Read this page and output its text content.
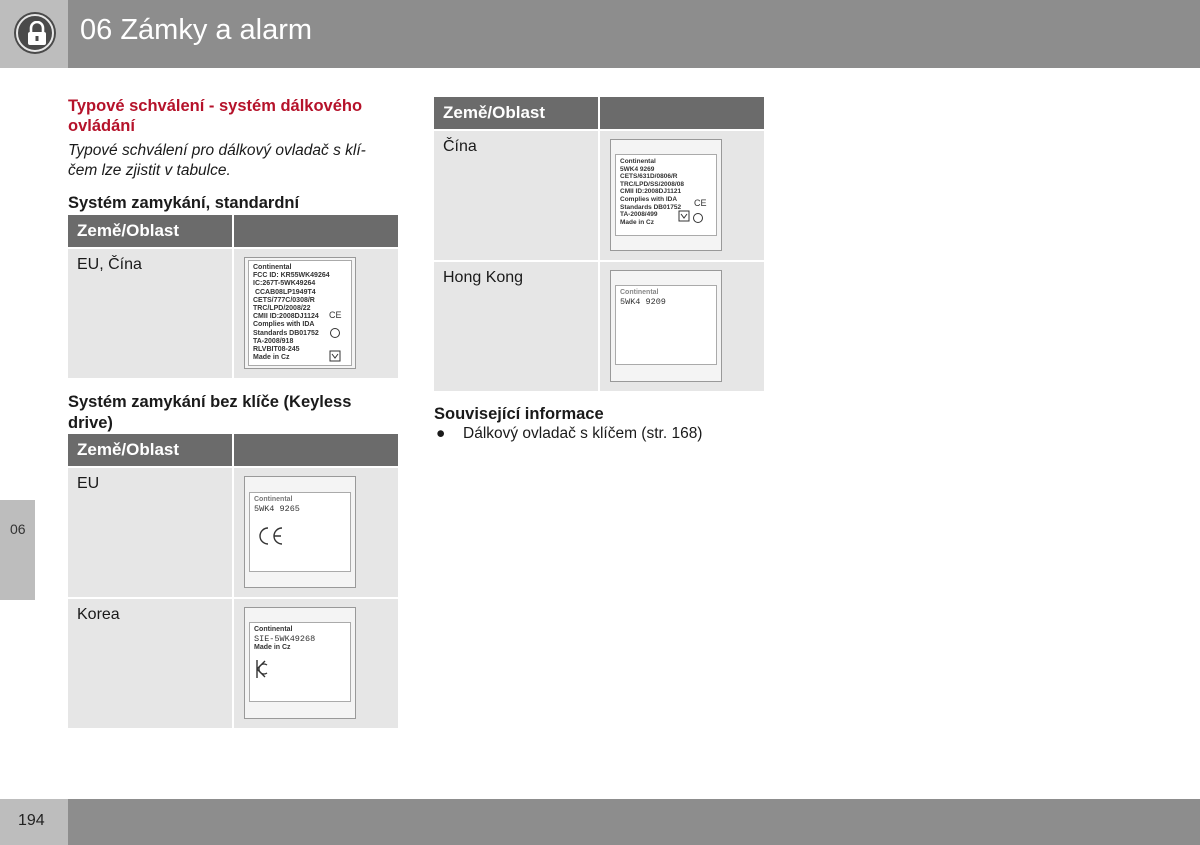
06 Zámky a alarm
06
Typové schválení - systém dálkového ovládání
Typové schválení pro dálkový ovladač s klí-
čem lze zjistit v tabulce.
Systém zamykání, standardní
Země/Oblast
EU, Čína	Continental
FCC ID: KR55WK49264
IC:267T-5WK49264
CCAB08LP1949T4
CETS/777C/0308/R
TRC/LPD/2008/22
CMII ID:2008DJ1124
Complies with IDA
Standards DB01752
TA-2008/918
RLVBIT08-245
Made in Cz
CE
Systém zamykání bez klíče (Keyless drive)
Země/Oblast
EU
Continental
5WK4 9265
Korea
Continental
SIE-5WK49268
Made in Cz
Země/Oblast
Čína
Continental
5WK4 9269
CETS/631D/0806/R
TRC/LPD/SS/2008/08
CMII ID:2008DJ1121
Complies with IDA
Standards DB01752
TA-2008/499
Made in Cz
CE
Hong Kong
Continental
5WK4 9209
Související informace
● Dálkový ovladač s klíčem (str. 168)
194
